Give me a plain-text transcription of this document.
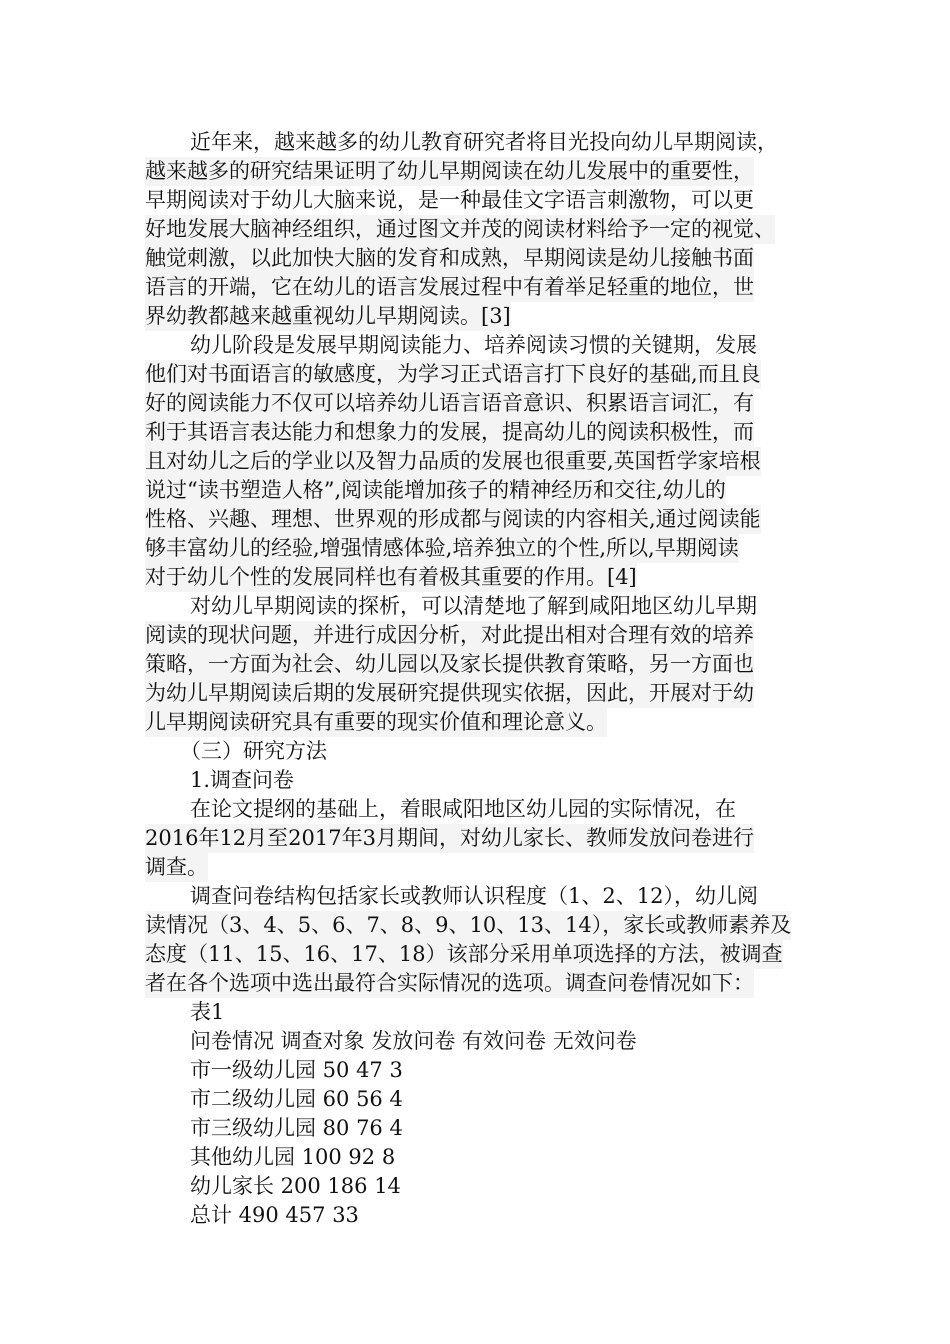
近年来，越来越多的幼儿教育研究者将目光投向幼儿早期阅读，
越来越多的研究结果证明了幼儿早期阅读在幼儿发展中的重要性，
早期阅读对于幼儿大脑来说，是一种最佳文字语言刺激物，可以更
好地发展大脑神经组织，通过图文并茂的阅读材料给予一定的视觉、
触觉刺激，以此加快大脑的发育和成熟，早期阅读是幼儿接触书面
语言的开端，它在幼儿的语言发展过程中有着举足轻重的地位，世
界幼教都越来越重视幼儿早期阅读。[3]
幼儿阶段是发展早期阅读能力、培养阅读习惯的关键期，发展
他们对书面语言的敏感度，为学习正式语言打下良好的基础,而且良
好的阅读能力不仅可以培养幼儿语言语音意识、积累语言词汇，有
利于其语言表达能力和想象力的发展，提高幼儿的阅读积极性，而
且对幼儿之后的学业以及智力品质的发展也很重要,英国哲学家培根
说过“读书塑造人格”,阅读能增加孩子的精神经历和交往,幼儿的
性格、兴趣、理想、世界观的形成都与阅读的内容相关,通过阅读能
够丰富幼儿的经验,增强情感体验,培养独立的个性,所以,早期阅读
对于幼儿个性的发展同样也有着极其重要的作用。[4]
对幼儿早期阅读的探析，可以清楚地了解到咸阳地区幼儿早期
阅读的现状问题，并进行成因分析，对此提出相对合理有效的培养
策略，一方面为社会、幼儿园以及家长提供教育策略，另一方面也
为幼儿早期阅读后期的发展研究提供现实依据，因此，开展对于幼
儿早期阅读研究具有重要的现实价值和理论意义。
（三）研究方法
1.调查问卷
在论文提纲的基础上，着眼咸阳地区幼儿园的实际情况，在
2016年12月至2017年3月期间，对幼儿家长、教师发放问卷进行
调查。
调查问卷结构包括家长或教师认识程度（1、2、12），幼儿阅
读情况（3、4、5、6、7、8、9、10、13、14），家长或教师素养及
态度（11、15、16、17、18）该部分采用单项选择的方法，被调查
者在各个选项中选出最符合实际情况的选项。调查问卷情况如下：
表1
问卷情况 调查对象 发放问卷 有效问卷 无效问卷
市一级幼儿园 50 47 3
市二级幼儿园 60 56 4
市三级幼儿园 80 76 4
其他幼儿园 100 92 8
幼儿家长 200 186 14
总计 490 457 33
